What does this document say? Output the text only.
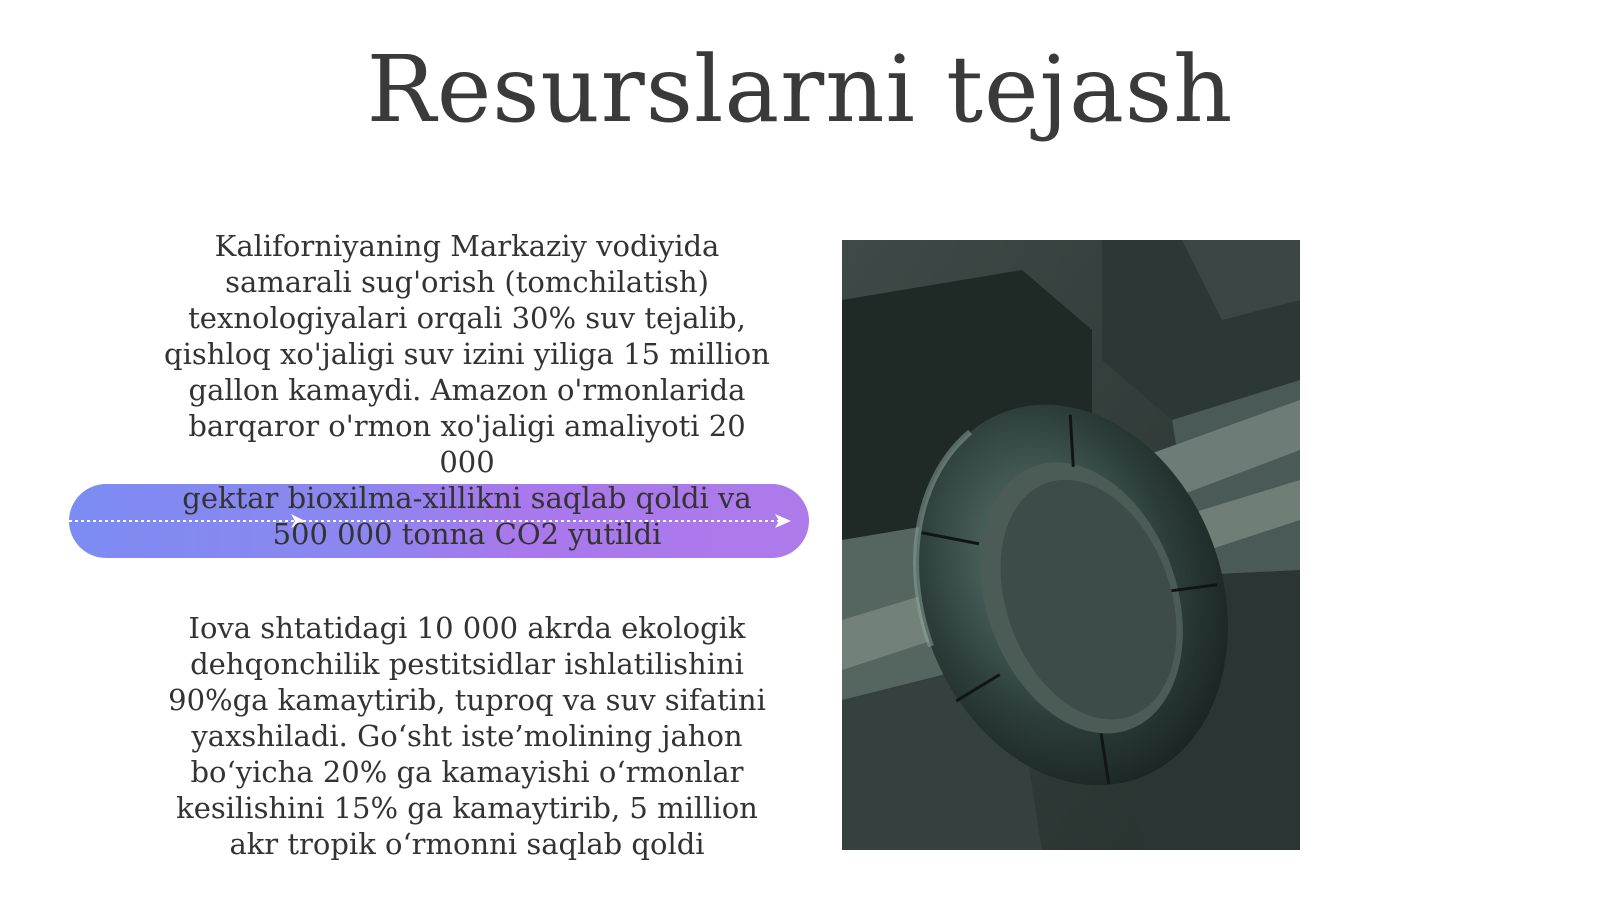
Resurslarni tejash
Kaliforniyaning Markaziy vodiyida
samarali sug'orish (tomchilatish)
texnologiyalari orqali 30% suv tejalib,
qishloq xo'jaligi suv izini yiliga 15 million
gallon kamaydi. Amazon o'rmonlarida
barqaror o'rmon xo'jaligi amaliyoti 20 000
gektar bioxilma-xillikni saqlab qoldi va
500 000 tonna CO2 yutildi
Iova shtatidagi 10 000 akrda ekologik
dehqonchilik pestitsidlar ishlatilishini
90%ga kamaytirib, tuproq va suv sifatini
yaxshiladi. Go‘sht iste’molining jahon
bo‘yicha 20% ga kamayishi o‘rmonlar
kesilishini 15% ga kamaytirib, 5 million
akr tropik o‘rmonni saqlab qoldi
